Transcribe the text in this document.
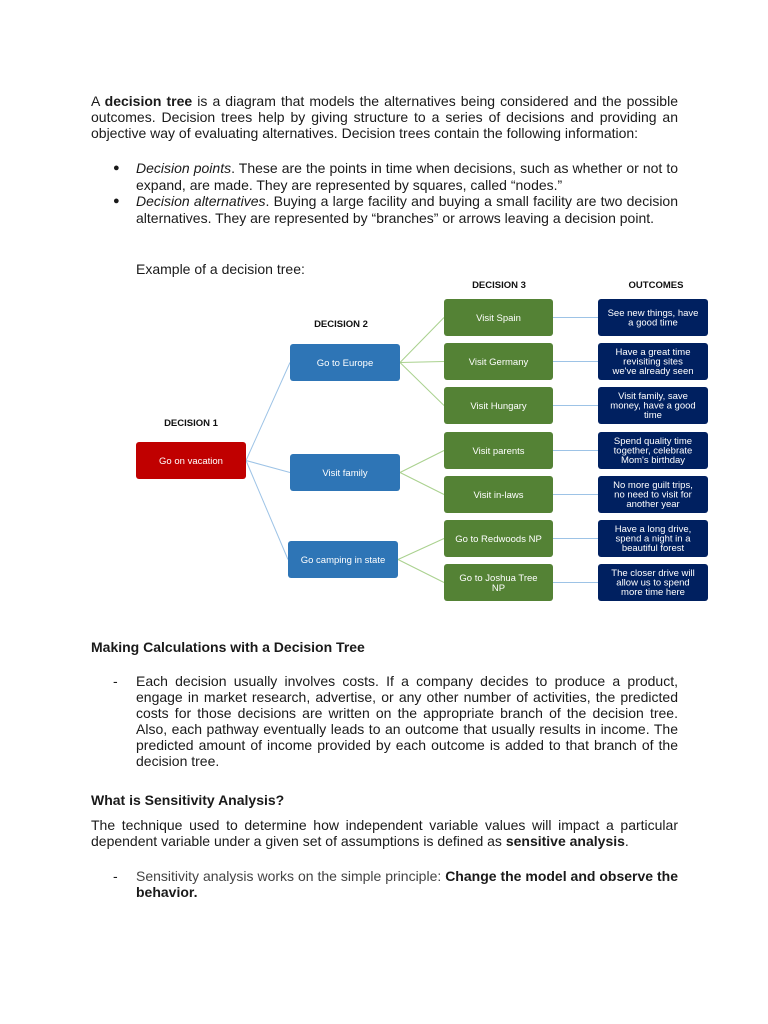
A decision tree is a diagram that models the alternatives being considered and the possible outcomes. Decision trees help by giving structure to a series of decisions and providing an objective way of evaluating alternatives. Decision trees contain the following information:
● Decision points. These are the points in time when decisions, such as whether or not to expand, are made. They are represented by squares, called “nodes.”
● Decision alternatives. Buying a large facility and buying a small facility are two decision alternatives. They are represented by “branches” or arrows leaving a decision point.
Example of a decision tree:
DECISION 1
DECISION 2
DECISION 3	OUTCOMES
Go on vacation
Go to Europe
Visit family
Go camping in state
Visit Spain
Visit Germany
Visit Hungary
Visit parents
Visit in-laws
Go to Redwoods NP
Go to Joshua Tree
NP
See new things, have
a good time
Have a great time
revisiting sites
we've already seen
Visit family, save
money, have a good
time
Spend quality time
together, celebrate
Mom's birthday
No more guilt trips,
no need to visit for
another year
Have a long drive,
spend a night in a
beautiful forest
The closer drive will
allow us to spend
more time here
Making Calculations with a Decision Tree
- Each decision usually involves costs. If a company decides to produce a product, engage in market research, advertise, or any other number of activities, the predicted costs for those decisions are written on the appropriate branch of the decision tree. Also, each pathway eventually leads to an outcome that usually results in income. The predicted amount of income provided by each outcome is added to that branch of the decision tree.
What is Sensitivity Analysis?
The technique used to determine how independent variable values will impact a particular dependent variable under a given set of assumptions is defined as sensitive analysis.
- Sensitivity analysis works on the simple principle: Change the model and observe the behavior.
